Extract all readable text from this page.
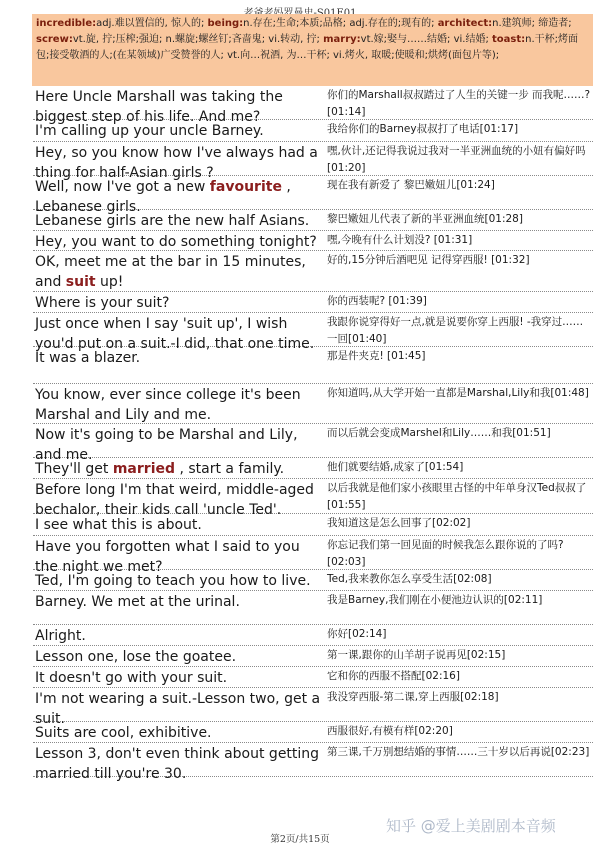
incredible:adj.难以置信的, 惊人的; being:n.存在;生命;本质;品格; adj.存在的;现有的; architect:n.建筑师; 缔造者; screw:vt.旋, 拧;压榨;强迫; n.螺旋;螺丝钉;吝啬鬼; vi.转动, 拧; marry:vt.嫁;娶与……结婚; vi.结婚; toast:n.干杯;烤面包;接受敬酒的人;(在某领域)广受赞誉的人; vt.向…祝酒, 为…干杯; vi.烤火, 取暖;使暖和;烘烤(面包片等);
Here Uncle Marshall was taking the biggest step of his life. And me?
你们的Marshall叔叔踏过了人生的关键一步 而我呢……? [01:14]
I'm calling up your uncle Barney.	我给你们的Barney叔叔打了电话[01:17]
Hey, so you know how I've always had a thing for half-Asian girls ?
嘿,伙计,还记得我说过我对一半亚洲血统的小妞有偏好吗[01:20]
Well, now I've got a new favourite , Lebanese girls.
现在我有新爱了 黎巴嫩妞儿[01:24]
Lebanese girls are the new half Asians.	黎巴嫩妞儿代表了新的半亚洲血统[01:28]
Hey, you want to do something tonight? 嘿,今晚有什么计划没? [01:31]
OK, meet me at the bar in 15 minutes, and suit up!
好的,15分钟后酒吧见 记得穿西服! [01:32]
Where is your suit?	你的西装呢? [01:39]
Just once when I say 'suit up', I wish you'd put on a suit.-I did, that one time.
我跟你说穿得好一点,就是说要你穿上西服! -我穿过……一回[01:40]
It was a blazer.	那是件夹克! [01:45]
You know, ever since college it's been Marshal and Lily and me.
你知道吗,从大学开始一直都是Marshal,Lily和我[01:48]
Now it's going to be Marshal and Lily, and me.
而以后就会变成Marshel和Lily……和我[01:51]
They'll get married , start a family.	他们就要结婚,成家了[01:54]
Before long I'm that weird, middle-aged bechalor, their kids call 'uncle Ted'.
以后我就是他们家小孩眼里古怪的中年单身汉Ted叔叔了[01:55]
I see what this is about.	我知道这是怎么回事了[02:02]
Have you forgotten what I said to you the night we met?
你忘记我们第一回见面的时候我怎么跟你说的了吗? [02:03]
Ted, I'm going to teach you how to live.	Ted,我来教你怎么享受生活[02:08]
Barney. We met at the urinal.	我是Barney,我们刚在小便池边认识的[02:11]
Alright.	你好[02:14]
Lesson one, lose the goatee.	第一课,跟你的山羊胡子说再见[02:15]
It doesn't go with your suit.	它和你的西服不搭配[02:16]
I'm not wearing a suit.-Lesson two, get a suit.
我没穿西服-第二课,穿上西服[02:18]
Suits are cool, exhibitive.	西服很好,有模有样[02:20]
Lesson 3, don't even think about getting married till you're 30.
第三课,千万别想结婚的事情……三十岁以后再说[02:23]
第2页/共15页
知乎 @爱上美剧剧本音频
